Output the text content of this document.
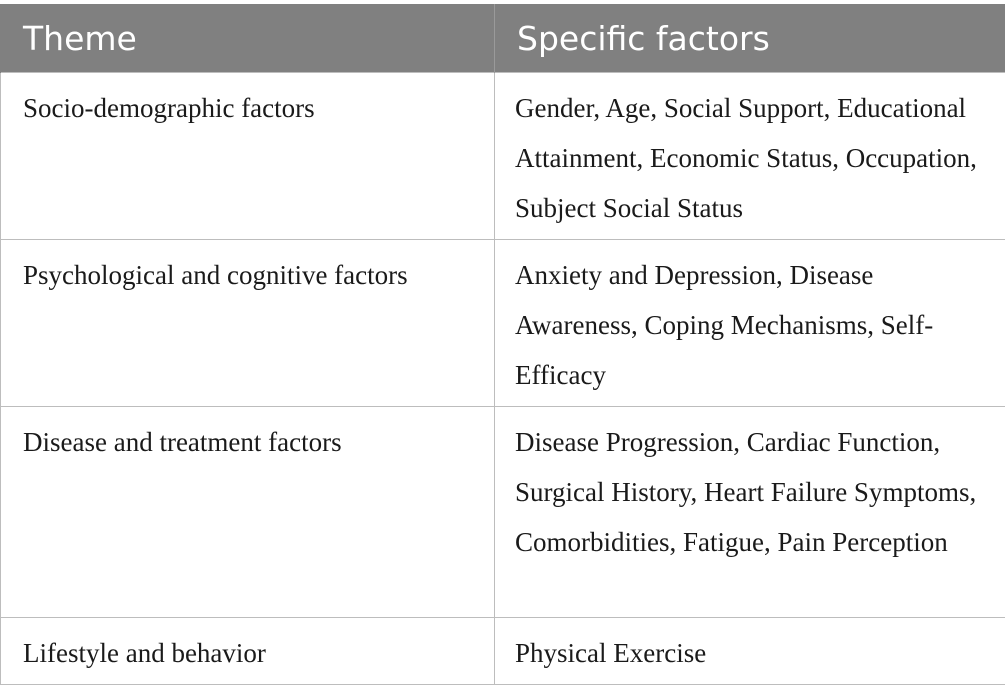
Theme	Specific factors
Socio-demographic factors	Gender, Age, Social Support, Educational Attainment, Economic Status, Occupation, Subject Social Status
Psychological and cognitive factors	Anxiety and Depression, Disease Awareness, Coping Mechanisms, Self-Efficacy
Disease and treatment factors	Disease Progression, Cardiac Function, Surgical History, Heart Failure Symptoms, Comorbidities, Fatigue, Pain Perception
Lifestyle and behavior	Physical Exercise
